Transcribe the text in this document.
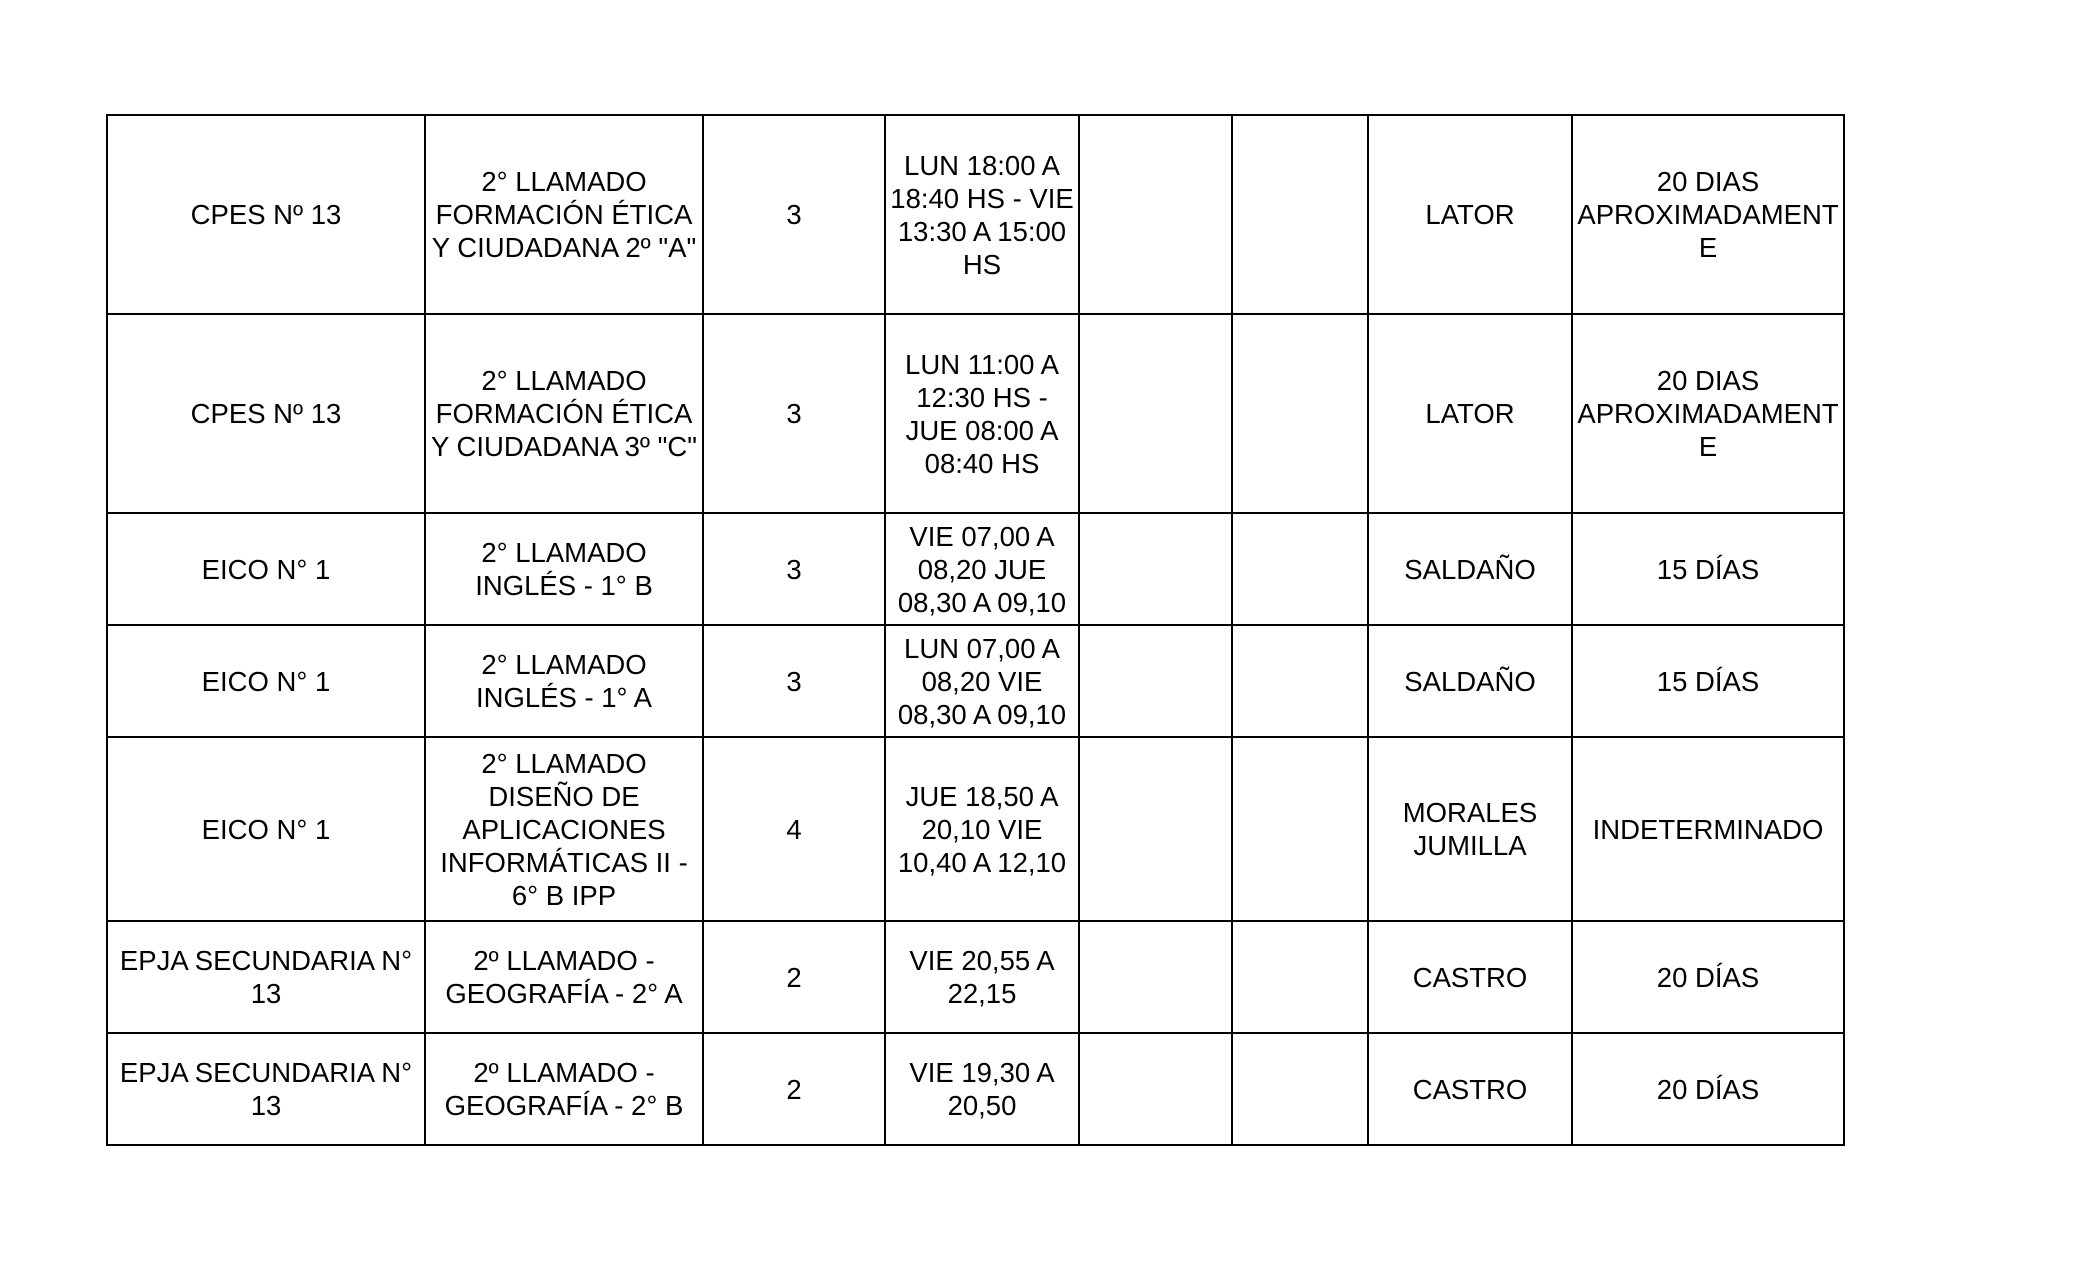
CPES Nº 13	2° LLAMADO
FORMACIÓN ÉTICA
Y CIUDADANA 2º "A"	3	LUN 18:00 A
18:40 HS - VIE
13:30 A 15:00
HS			LATOR	20 DIAS
APROXIMADAMENT
E
CPES Nº 13	2° LLAMADO
FORMACIÓN ÉTICA
Y CIUDADANA 3º "C"	3	LUN 11:00 A
12:30 HS -
JUE 08:00 A
08:40 HS			LATOR	20 DIAS
APROXIMADAMENT
E
EICO N° 1	2° LLAMADO
INGLÉS - 1° B	3	VIE 07,00 A
08,20 JUE
08,30 A 09,10			SALDAÑO	15 DÍAS
EICO N° 1	2° LLAMADO
INGLÉS - 1° A	3	LUN 07,00 A
08,20 VIE
08,30 A 09,10			SALDAÑO	15 DÍAS
EICO N° 1	2° LLAMADO
DISEÑO DE
APLICACIONES
INFORMÁTICAS II -
6° B IPP	4	JUE 18,50 A
20,10 VIE
10,40 A 12,10			MORALES
JUMILLA	INDETERMINADO
EPJA SECUNDARIA N°
13	2º LLAMADO -
GEOGRAFÍA - 2° A	2	VIE 20,55 A
22,15			CASTRO	20 DÍAS
EPJA SECUNDARIA N°
13	2º LLAMADO -
GEOGRAFÍA - 2° B	2	VIE 19,30 A
20,50			CASTRO	20 DÍAS
